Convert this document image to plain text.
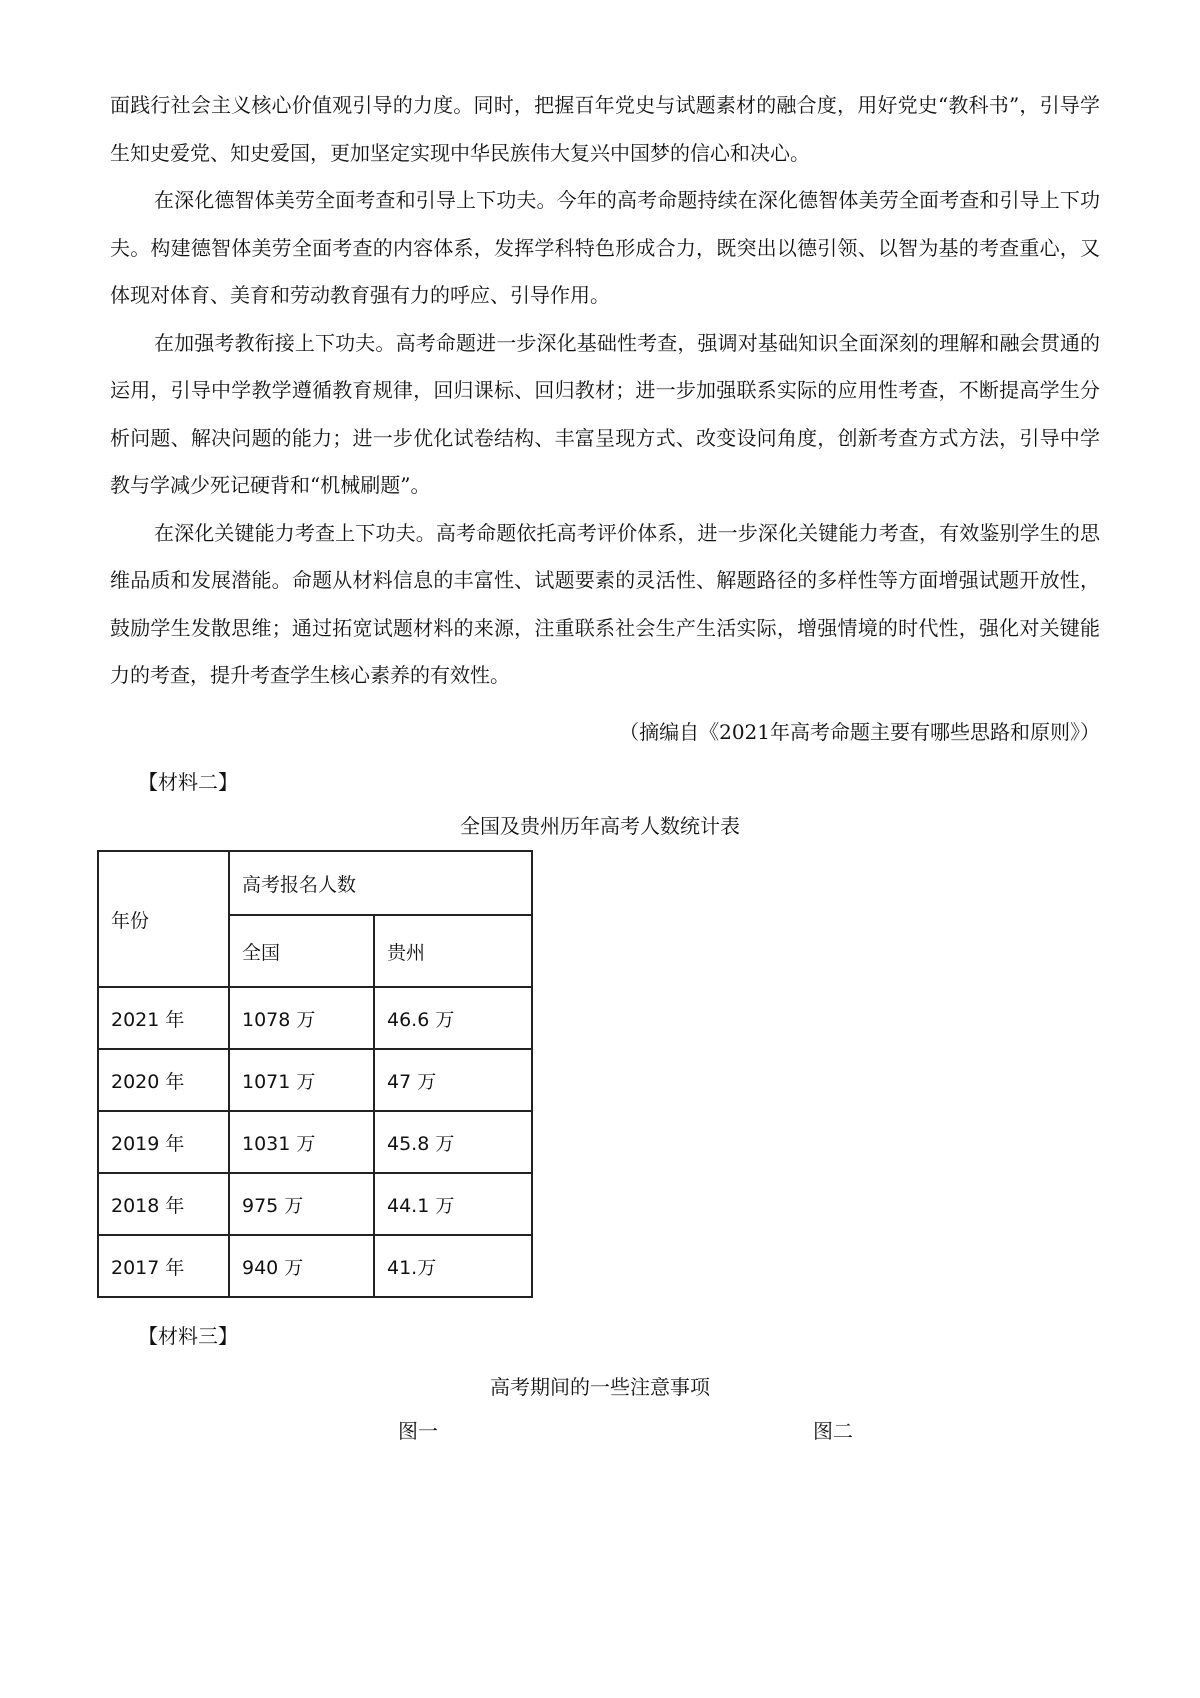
面践行社会主义核心价值观引导的力度。同时，把握百年党史与试题素材的融合度，用好党史“教科书”，引导学生知史爱党、知史爱国，更加坚定实现中华民族伟大复兴中国梦的信心和决心。

在深化德智体美劳全面考查和引导上下功夫。今年的高考命题持续在深化德智体美劳全面考查和引导上下功夫。构建德智体美劳全面考查的内容体系，发挥学科特色形成合力，既突出以德引领、以智为基的考查重心，又体现对体育、美育和劳动教育强有力的呼应、引导作用。

在加强考教衔接上下功夫。高考命题进一步深化基础性考查，强调对基础知识全面深刻的理解和融会贯通的运用，引导中学教学遵循教育规律，回归课标、回归教材；进一步加强联系实际的应用性考查，不断提高学生分析问题、解决问题的能力；进一步优化试卷结构、丰富呈现方式、改变设问角度，创新考查方式方法，引导中学教与学减少死记硬背和“机械刷题”。

在深化关键能力考查上下功夫。高考命题依托高考评价体系，进一步深化关键能力考查，有效鉴别学生的思维品质和发展潜能。命题从材料信息的丰富性、试题要素的灵活性、解题路径的多样性等方面增强试题开放性，鼓励学生发散思维；通过拓宽试题材料的来源，注重联系社会生产生活实际，增强情境的时代性，强化对关键能力的考查，提升考查学生核心素养的有效性。

（摘编自《2021年高考命题主要有哪些思路和原则》）
【材料二】
全国及贵州历年高考人数统计表
年份	高考报名人数	
	全国	贵州
2021 年	1078 万	46.6 万
2020 年	1071 万	47 万
2019 年	1031 万	45.8 万
2018 年	975 万	44.1 万
2017 年	940 万	41.万
【材料三】
高考期间的一些注意事项
图一	图二
